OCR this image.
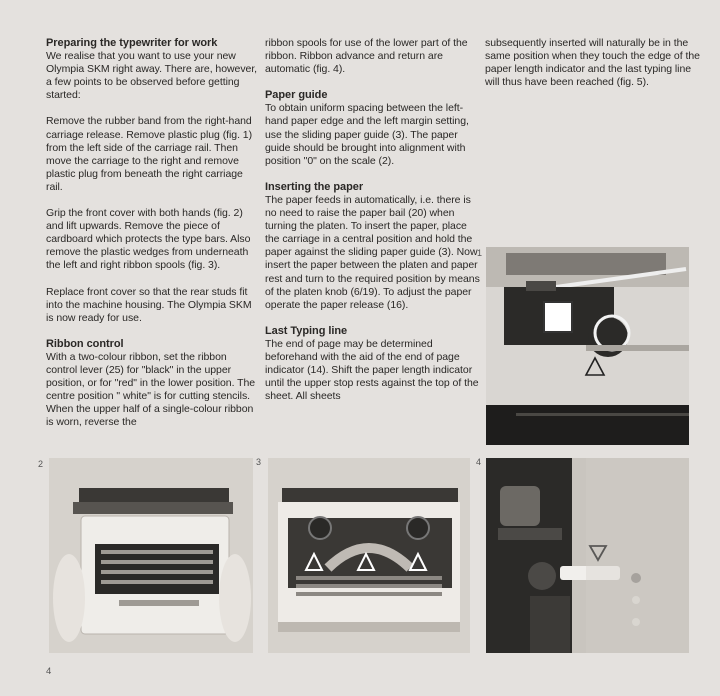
Preparing the typewriter for work

We realise that you want to use your new Olympia SKM right away. There are, however, a few points to be observed before getting started:

Remove the rubber band from the right-hand carriage release. Remove plastic plug (fig. 1) from the left side of the carriage rail. Then move the carriage to the right and remove plastic plug from beneath the right carriage rail.

Grip the front cover with both hands (fig. 2) and lift upwards. Remove the piece of cardboard which protects the type bars. Also remove the plastic wedges from underneath the left and right ribbon spools (fig. 3).

Replace front cover so that the rear studs fit into the machine housing. The Olympia SKM is now ready for use.

Ribbon control

With a two-colour ribbon, set the ribbon control lever (25) for "black" in the upper position, or for "red" in the lower position. The centre position " white" is for cutting stencils. When the upper half of a single-colour ribbon is worn, reverse the

ribbon spools for use of the lower part of the ribbon. Ribbon advance and return are automatic (fig. 4).

Paper guide

To obtain uniform spacing between the left-hand paper edge and the left margin setting, use the sliding paper guide (3). The paper guide should be brought into alignment with position "0" on the scale (2).

Inserting the paper

The paper feeds in automatically, i.e. there is no need to raise the paper bail (20) when turning the platen. To insert the paper, place the carriage in a central position and hold the paper against the sliding paper guide (3). Now insert the paper between the platen and paper rest and turn to the required position by means of the platen knob (6/19). To adjust the paper operate the paper release (16).

Last Typing line

The end of page may be determined beforehand with the aid of the end of page indicator (14). Shift the paper length indicator until the upper stop rests against the top of the sheet. All sheets

subsequently inserted will naturally be in the same position when they touch the edge of the paper length indicator and the last typing line will thus have been reached (fig. 5).

1
2	3	4
4
